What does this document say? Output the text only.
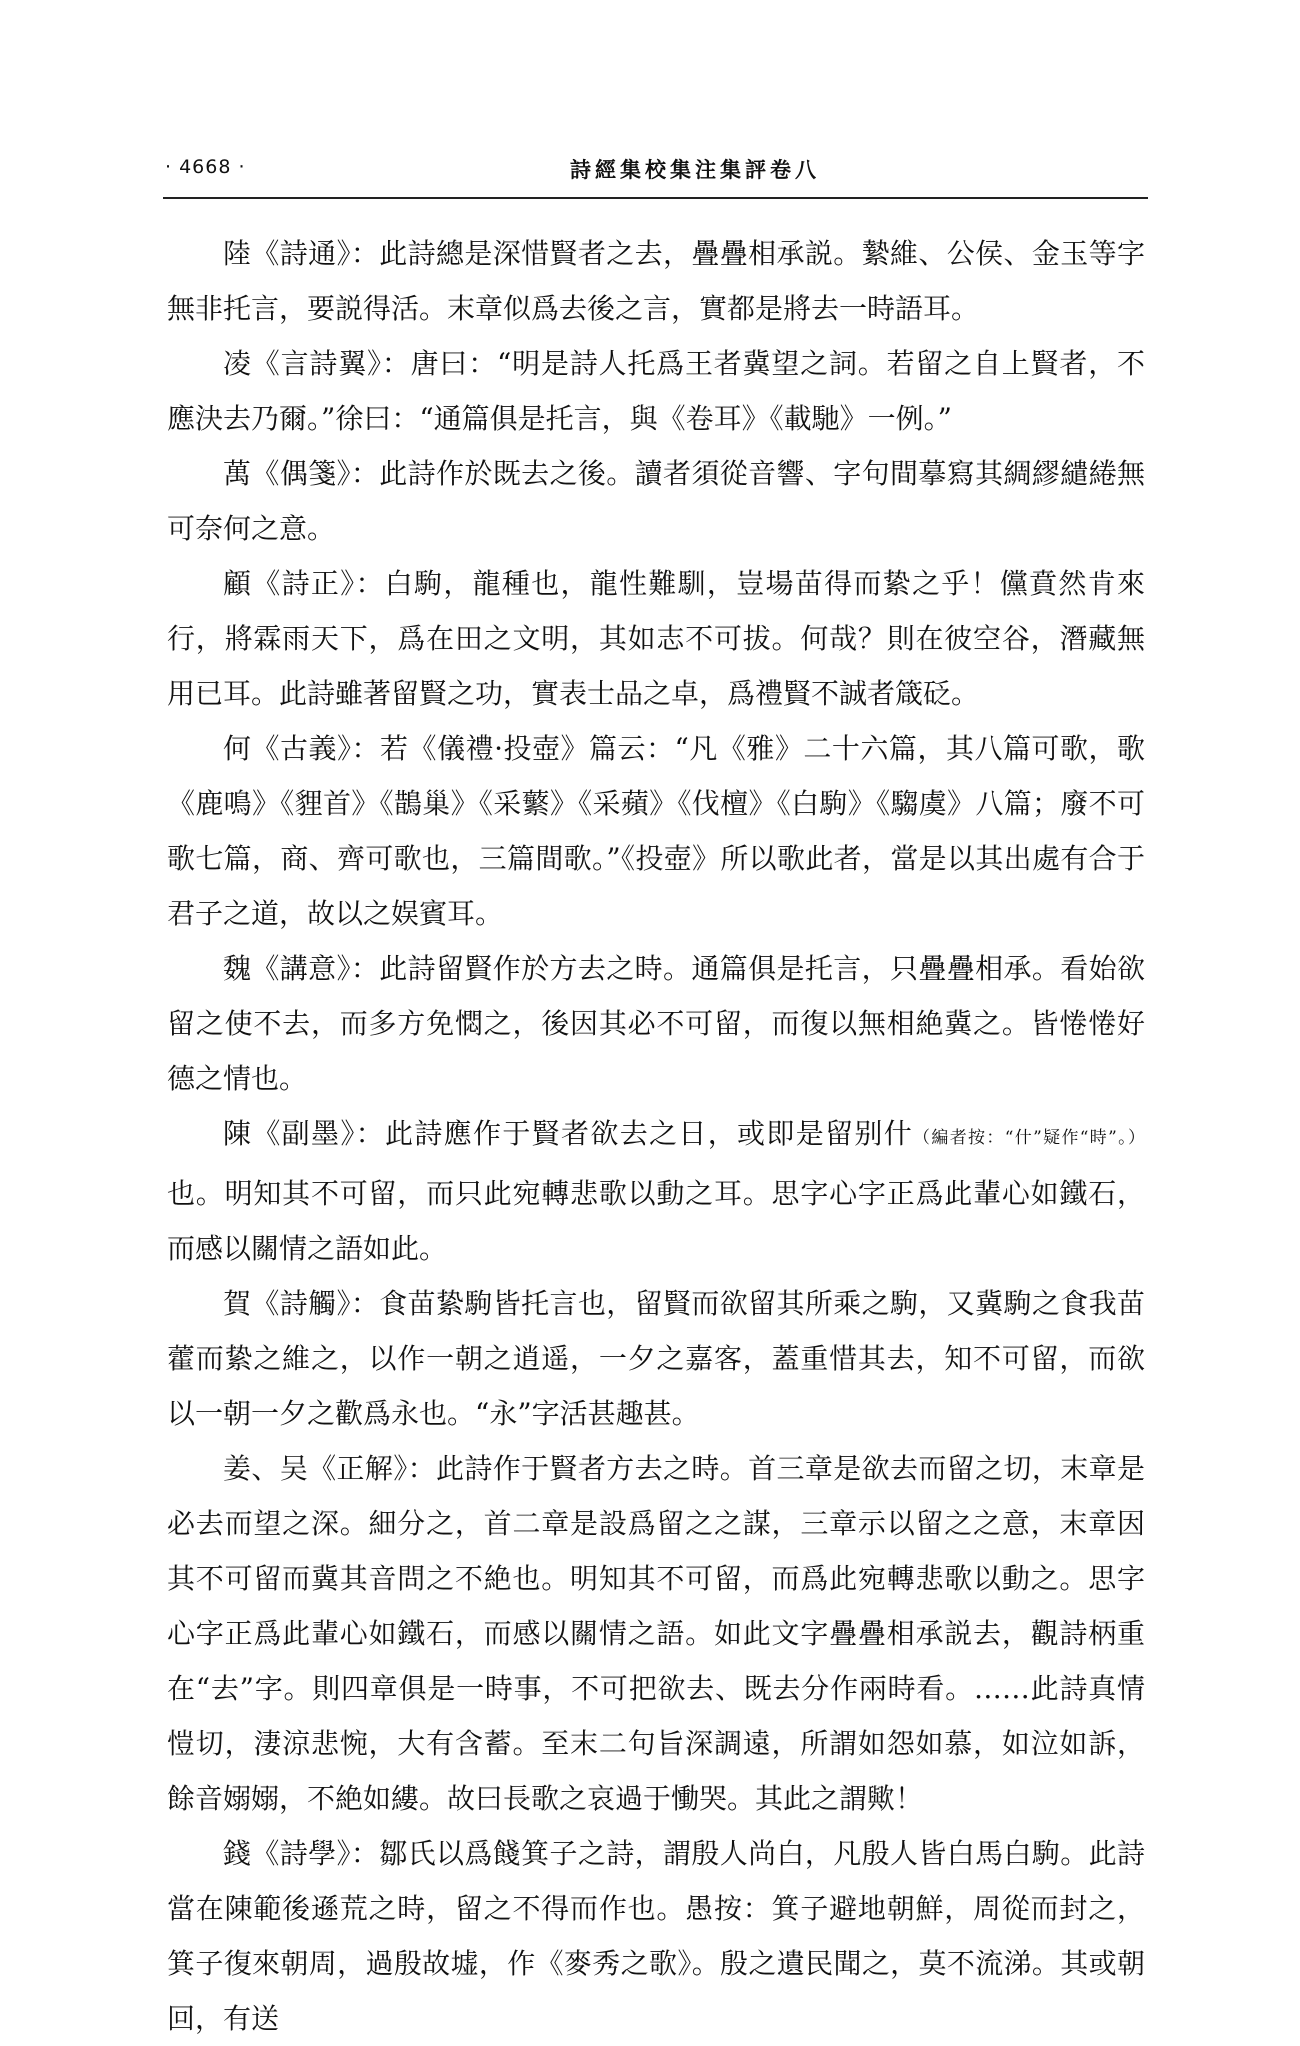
· 4668 ·	詩經集校集注集評卷八

陸《詩通》：此詩總是深惜賢者之去，疊疊相承説。縶維、公侯、金玉等字無非托言，要説得活。末章似爲去後之言，實都是將去一時語耳。

凌《言詩翼》：唐曰：“明是詩人托爲王者冀望之詞。若留之自上賢者，不應決去乃爾。”徐曰：“通篇俱是托言，與《卷耳》《載馳》一例。”

萬《偶箋》：此詩作於既去之後。讀者須從音響、字句間摹寫其綢繆繾綣無可奈何之意。

顧《詩正》：白駒，龍種也，龍性難馴，豈場苗得而絷之乎！儻賁然肯來行，將霖雨天下，爲在田之文明，其如志不可拔。何哉？則在彼空谷，潛藏無用已耳。此詩雖著留賢之功，實表士品之卓，爲禮賢不誠者箴砭。

何《古義》：若《儀禮·投壺》篇云：“凡《雅》二十六篇，其八篇可歌，歌《鹿鳴》《貍首》《鵲巢》《采蘩》《采蘋》《伐檀》《白駒》《騶虞》八篇；廢不可歌七篇，商、齊可歌也，三篇間歌。”《投壺》所以歌此者，當是以其出處有合于君子之道，故以之娱賓耳。

魏《講意》：此詩留賢作於方去之時。通篇俱是托言，只疊疊相承。看始欲留之使不去，而多方免㦖之，後因其必不可留，而復以無相絶冀之。皆惓惓好德之情也。

陳《副墨》：此詩應作于賢者欲去之日，或即是留别什（編者按：“什”疑作“時”。）也。明知其不可留，而只此宛轉悲歌以動之耳。思字心字正爲此輩心如鐵石，而感以關情之語如此。

賀《詩觸》：食苗絷駒皆托言也，留賢而欲留其所乘之駒，又冀駒之食我苗藿而絷之維之，以作一朝之逍遥，一夕之嘉客，蓋重惜其去，知不可留，而欲以一朝一夕之歡爲永也。“永”字活甚趣甚。

姜、吴《正解》：此詩作于賢者方去之時。首三章是欲去而留之切，末章是必去而望之深。細分之，首二章是設爲留之之謀，三章示以留之之意，末章因其不可留而冀其音問之不絶也。明知其不可留，而爲此宛轉悲歌以動之。思字心字正爲此輩心如鐵石，而感以關情之語。如此文字疊疊相承説去，觀詩柄重在“去”字。則四章俱是一時事，不可把欲去、既去分作兩時看。……此詩真情愷切，淒涼悲惋，大有含蓄。至末二句旨深調遠，所謂如怨如慕，如泣如訴，餘音嫋嫋，不絶如縷。故曰長歌之哀過于慟哭。其此之謂歟！

錢《詩學》：鄒氏以爲餞箕子之詩，謂殷人尚白，凡殷人皆白馬白駒。此詩當在陳範後遜荒之時，留之不得而作也。愚按：箕子避地朝鮮，周從而封之，箕子復來朝周，過殷故墟，作《麥秀之歌》。殷之遺民聞之，莫不流涕。其或朝回，有送
